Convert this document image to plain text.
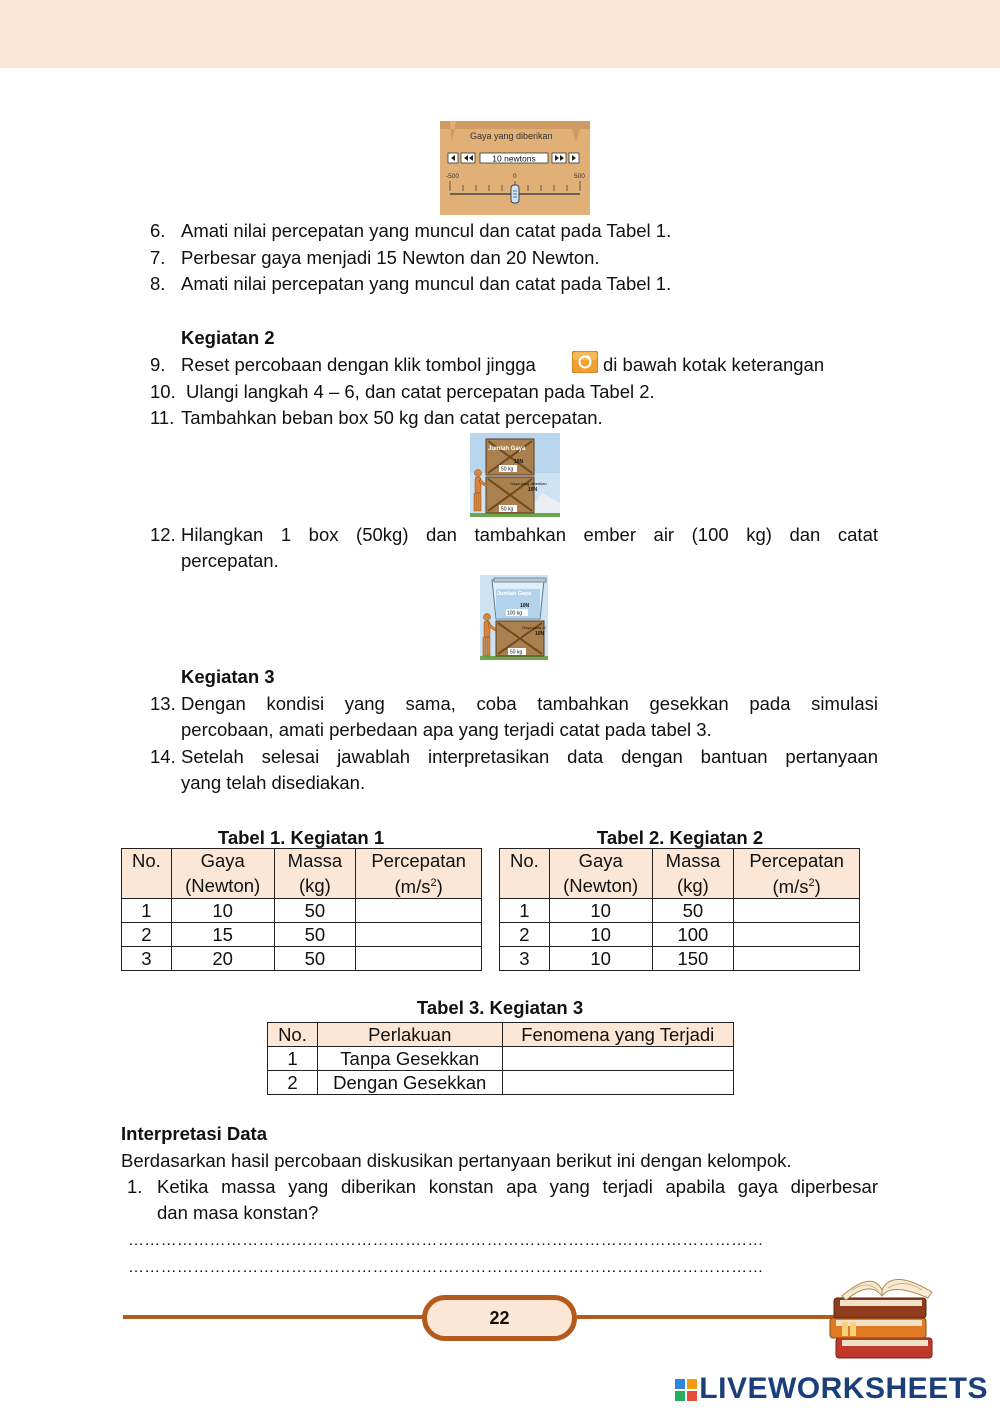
Gaya yang diberikan
10 newtons
-500	0	500
6. Amati nilai percepatan yang muncul dan catat pada Tabel 1.
7. Perbesar gaya menjadi 15 Newton dan 20 Newton.
8. Amati nilai percepatan yang muncul dan catat pada Tabel 1.
Kegiatan 2
9. Reset percobaan dengan klik tombol jingga	di bawah kotak keterangan
10. Ulangi langkah 4 – 6, dan catat percepatan pada Tabel 2.
11. Tambahkan beban box 50 kg dan catat percepatan.
Jumlah Gaya
10N
50 kg
Gaya yang diberikan
10N
50 kg
12. Hilangkan 1 box (50kg) dan tambahkan ember air (100 kg) dan catat
percepatan.
Jumlah Gaya
10N
100 kg
Gaya yang di
10N
50 kg
Kegiatan 3
13. Dengan kondisi yang sama, coba tambahkan gesekkan pada simulasi
percobaan, amati perbedaan apa yang terjadi catat pada tabel 3.
14. Setelah selesai jawablah interpretasikan data dengan bantuan pertanyaan
yang telah disediakan.
Tabel 1. Kegiatan 1
No.	Gaya	Massa	Percepatan
	(Newton)	(kg)	$(m/s^2)$
1	10	50	
2	15	50	
3	20	50	
Tabel 2. Kegiatan 2
No.	Gaya	Massa	Percepatan
	(Newton)	(kg)	$(m/s^2)$
1	10	50	
2	10	100	
3	10	150	
Tabel 3. Kegiatan 3
No.	Perlakuan	Fenomena yang Terjadi
1	Tanpa Gesekkan	
2	Dengan Gesekkan	
Interpretasi Data
Berdasarkan hasil percobaan diskusikan pertanyaan berikut ini dengan kelompok.
1. Ketika massa yang diberikan konstan apa yang terjadi apabila gaya diperbesar
dan masa konstan?
………………………………………………………………………………………………………
………………………………………………………………………………………………………
22
LIVEWORKSHEETS
